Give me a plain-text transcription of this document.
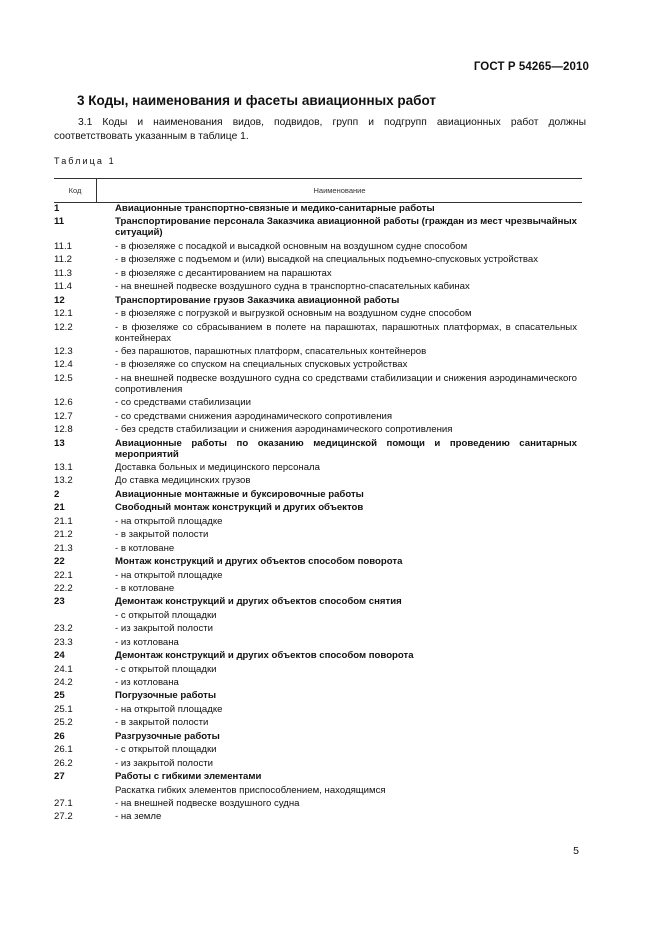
ГОСТ Р 54265—2010
3 Коды, наименования и фасеты авиационных работ

3.1 Коды и наименования видов, подвидов, групп и подгрупп авиационных работ должны соответствовать указанным в таблице 1.

Таблица 1
Код	Наименование
1	Авиационные транспортно-связные и медико-санитарные работы
11	Транспортирование персонала Заказчика авиационной работы (граждан из мест чрезвычайных ситуаций)
11.1	- в фюзеляже с посадкой и высадкой основным на воздушном судне способом
11.2	- в фюзеляже с подъемом и (или) высадкой на специальных подъемно-спусковых устройствах
11.3	- в фюзеляже с десантированием на парашютах
11.4	- на внешней подвеске воздушного судна в транспортно-спасательных кабинах
12	Транспортирование грузов Заказчика авиационной работы
12.1	- в фюзеляже с погрузкой и выгрузкой основным на воздушном судне способом
12.2	- в фюзеляже со сбрасыванием в полете на парашютах, парашютных платформах, в спасательных контейнерах
12.3	- без парашютов, парашютных платформ, спасательных контейнеров
12.4	- в фюзеляже со спуском на специальных спусковых устройствах
12.5	- на внешней подвеске воздушного судна со средствами стабилизации и снижения аэродинамического сопротивления
12.6	- со средствами стабилизации
12.7	- со средствами снижения аэродинамического сопротивления
12.8	- без средств стабилизации и снижения аэродинамического сопротивления
13	Авиационные работы по оказанию медицинской помощи и проведению санитарных мероприятий
13.1	Доставка больных и медицинского персонала
13.2	До ставка медицинских грузов
2	Авиационные монтажные и буксировочные работы
21	Свободный монтаж конструкций и других объектов
21.1	- на открытой площадке
21.2	- в закрытой полости
21.3	- в котловане
22	Монтаж конструкций и других объектов способом поворота
22.1	- на открытой площадке
22.2	- в котловане
23	Демонтаж конструкций и других объектов способом снятия
- с открытой площадки
23.2	- из закрытой полости
23.3	- из котлована
24	Демонтаж конструкций и других объектов способом поворота
24.1	- с открытой площадки
24.2	- из котлована
25	Погрузочные работы
25.1	- на открытой площадке
25.2	- в закрытой полости
26	Разгрузочные работы
26.1	- с открытой площадки
26.2	- из закрытой полости
27	Работы с гибкими элементами
Раскатка гибких элементов приспособлением, находящимся
27.1	- на внешней подвеске воздушного судна
27.2	- на земле
5
